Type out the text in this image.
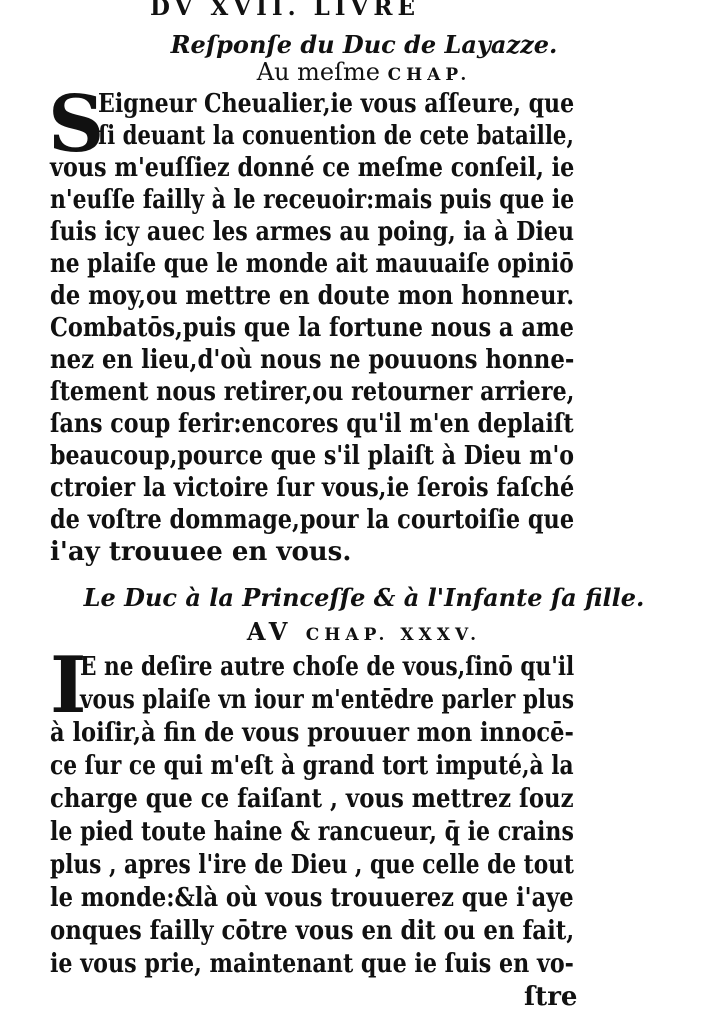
DV XVII. LIVRE
Reſponſe du Duc de Layazze.
Au meſme CHAP.
S
Eigneur Cheualier,ie vous aſſeure, que
ſi deuant la conuention de cete bataille,
vous m'euſſiez donné ce meſme conſeil, ie
n'euſſe failly à le receuoir:mais puis que ie
ſuis icy auec les armes au poing, ia à Dieu
ne plaiſe que le monde ait mauuaiſe opiniō
de moy,ou mettre en doute mon honneur.
Combatōs,puis que la fortune nous a ame
nez en lieu,d'où nous ne pouuons honne-
ſtement nous retirer,ou retourner arriere,
ſans coup ferir:encores qu'il m'en deplaiſt
beaucoup,pource que s'il plaiſt à Dieu m'o
ctroier la victoire ſur vous,ie ſerois faſché
de voſtre dommage,pour la courtoiſie que
i'ay trouuee en vous.
Le Duc à la Princeſſe & à l'Infante ſa fille.
AV CHAP. XXXV.
I
E ne deſire autre choſe de vous,ſinō qu'il
vous plaiſe vn iour m'entēdre parler plus
à loiſir,à fin de vous prouuer mon innocē-
ce ſur ce qui m'eſt à grand tort imputé,à la
charge que ce faiſant , vous mettrez ſouz
le pied toute haine & rancueur, q̄ ie crains
plus , apres l'ire de Dieu , que celle de tout
le monde:&là où vous trouuerez que i'aye
onques failly cōtre vous en dit ou en fait,
ie vous prie, maintenant que ie ſuis en vo-
ſtre
